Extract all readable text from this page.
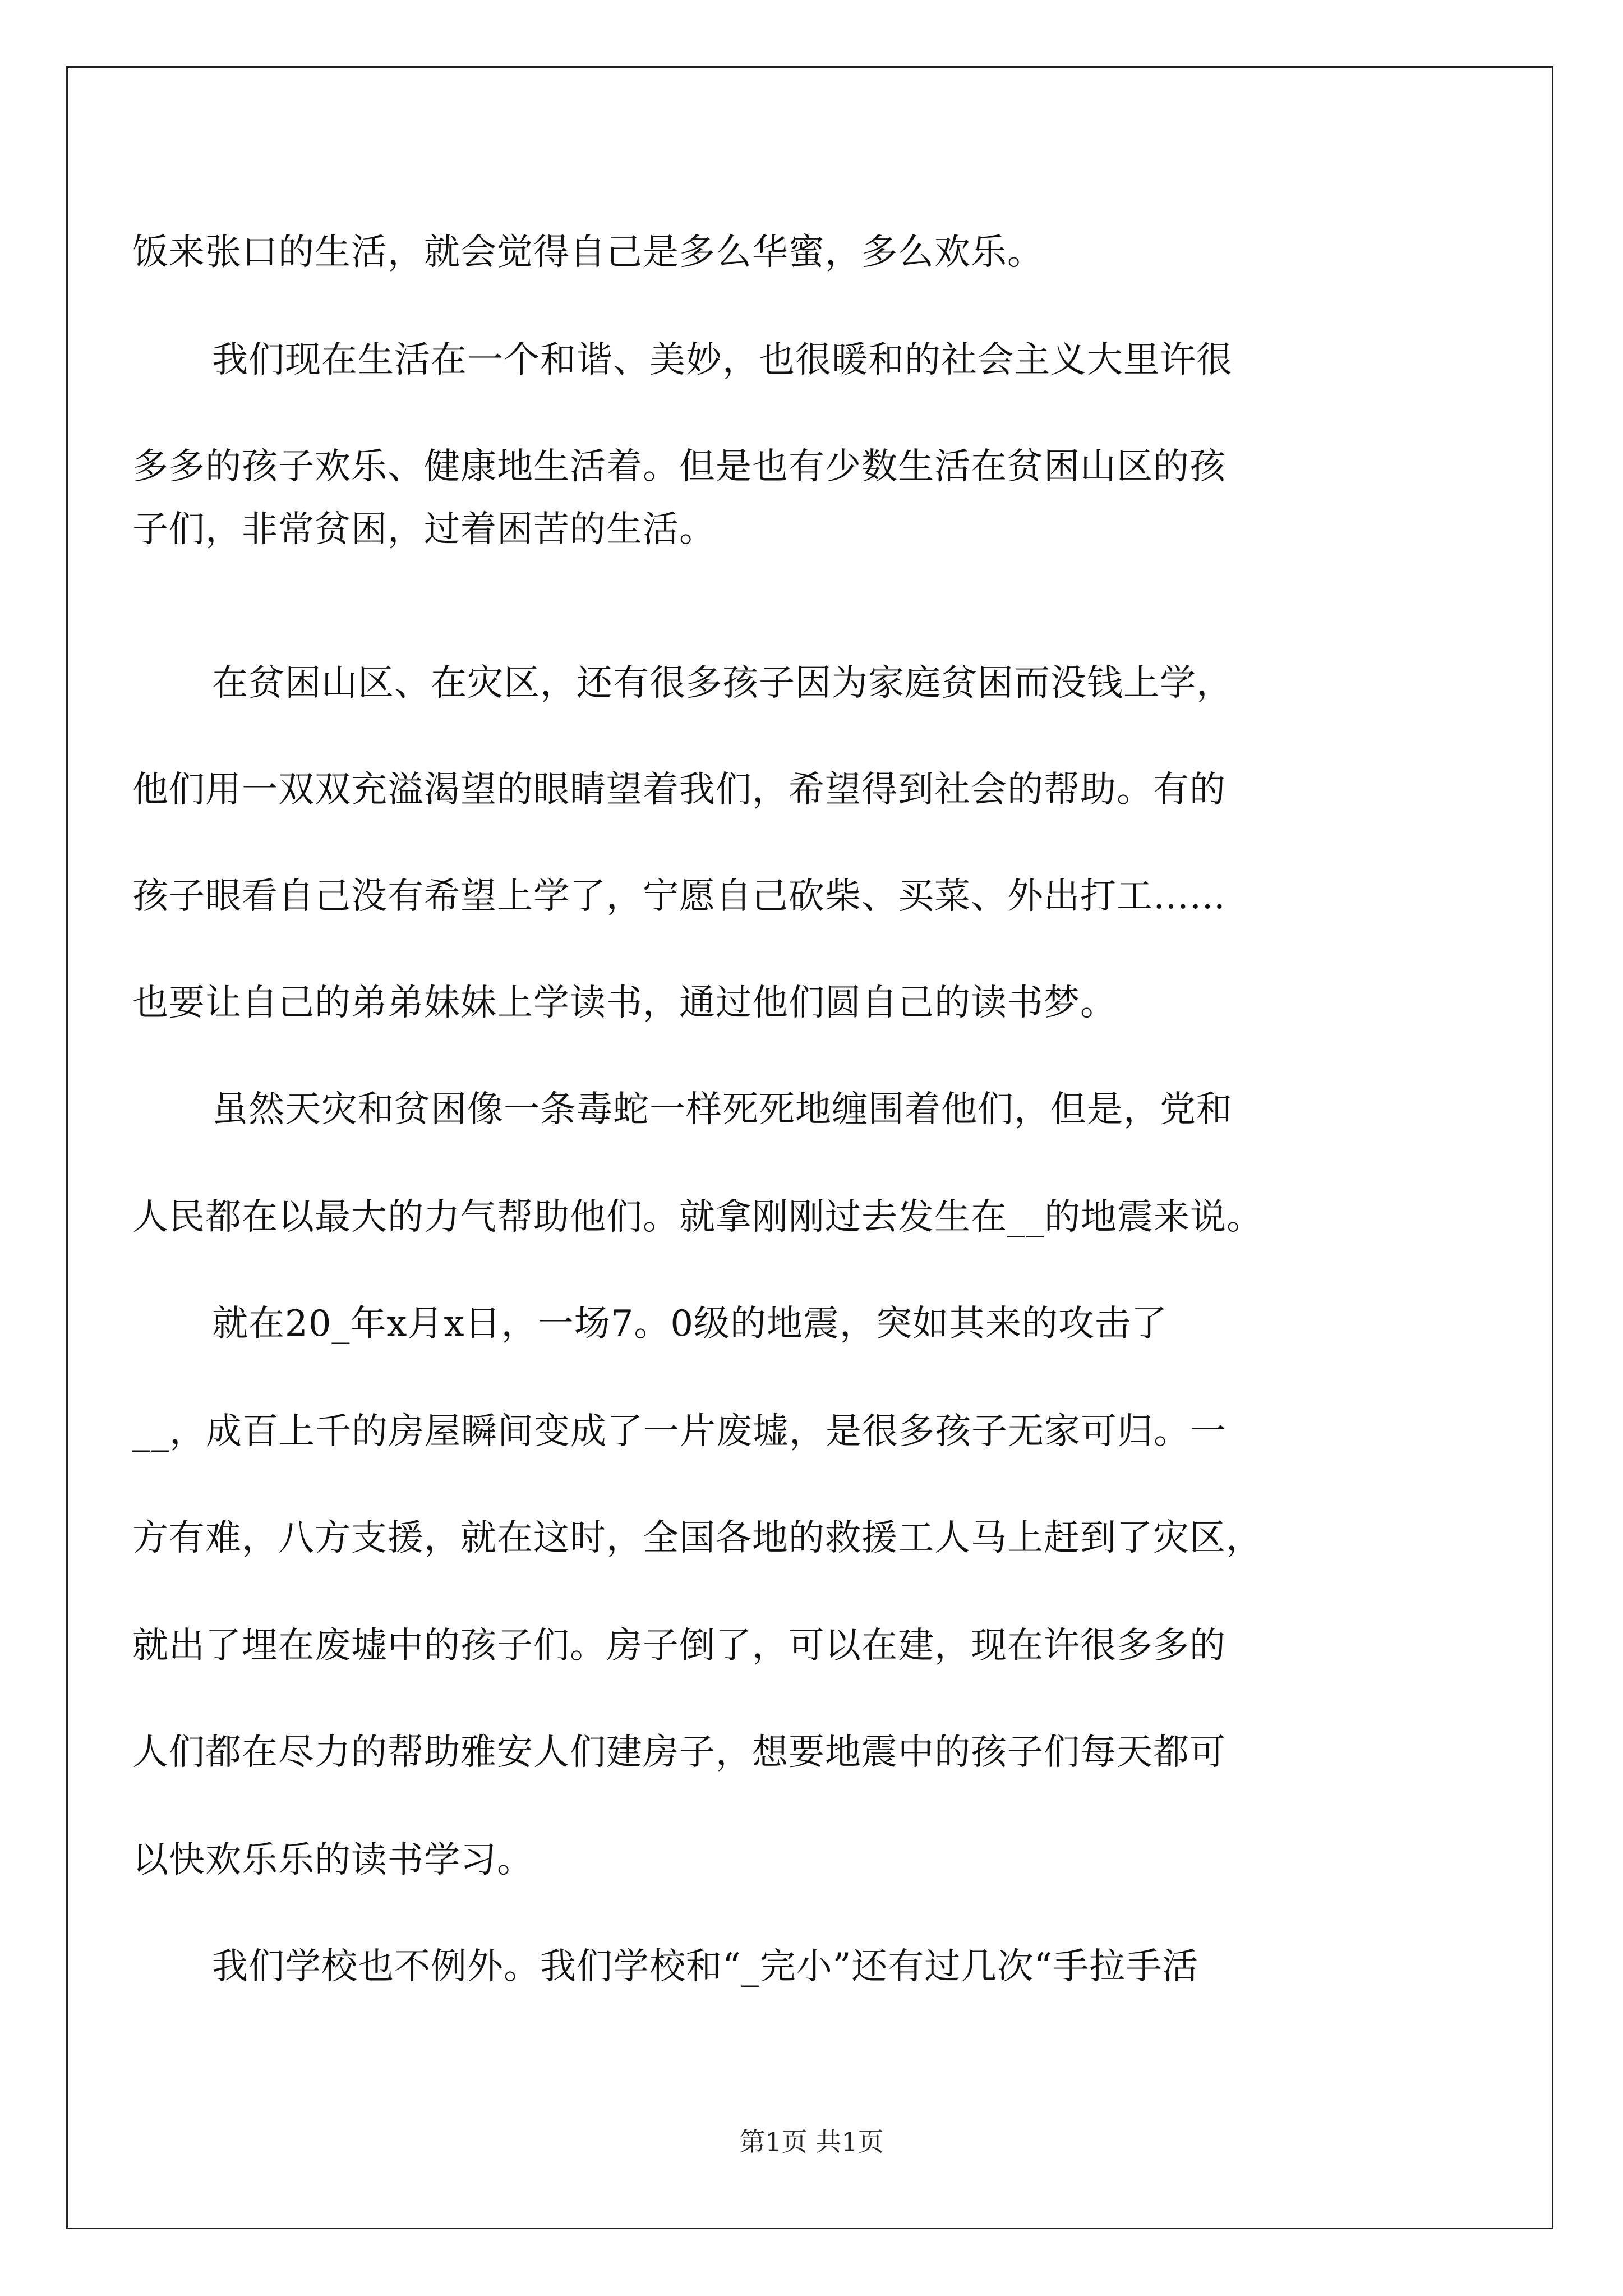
饭来张口的生活，就会觉得自己是多么华蜜，多么欢乐。
我们现在生活在一个和谐、美妙，也很暖和的社会主义大里许很
多多的孩子欢乐、健康地生活着。但是也有少数生活在贫困山区的孩
子们，非常贫困，过着困苦的生活。
在贫困山区、在灾区，还有很多孩子因为家庭贫困而没钱上学，
他们用一双双充溢渴望的眼睛望着我们，希望得到社会的帮助。有的
孩子眼看自己没有希望上学了，宁愿自己砍柴、买菜、外出打工……
也要让自己的弟弟妹妹上学读书，通过他们圆自己的读书梦。
虽然天灾和贫困像一条毒蛇一样死死地缠围着他们，但是，党和
人民都在以最大的力气帮助他们。就拿刚刚过去发生在__的地震来说。
就在20_年x月x日，一场7。0级的地震，突如其来的攻击了
__，成百上千的房屋瞬间变成了一片废墟，是很多孩子无家可归。一
方有难，八方支援，就在这时，全国各地的救援工人马上赶到了灾区，
就出了埋在废墟中的孩子们。房子倒了，可以在建，现在许很多多的
人们都在尽力的帮助雅安人们建房子，想要地震中的孩子们每天都可
以快欢乐乐的读书学习。
我们学校也不例外。我们学校和“_完小”还有过几次“手拉手活
第1页 共1页
